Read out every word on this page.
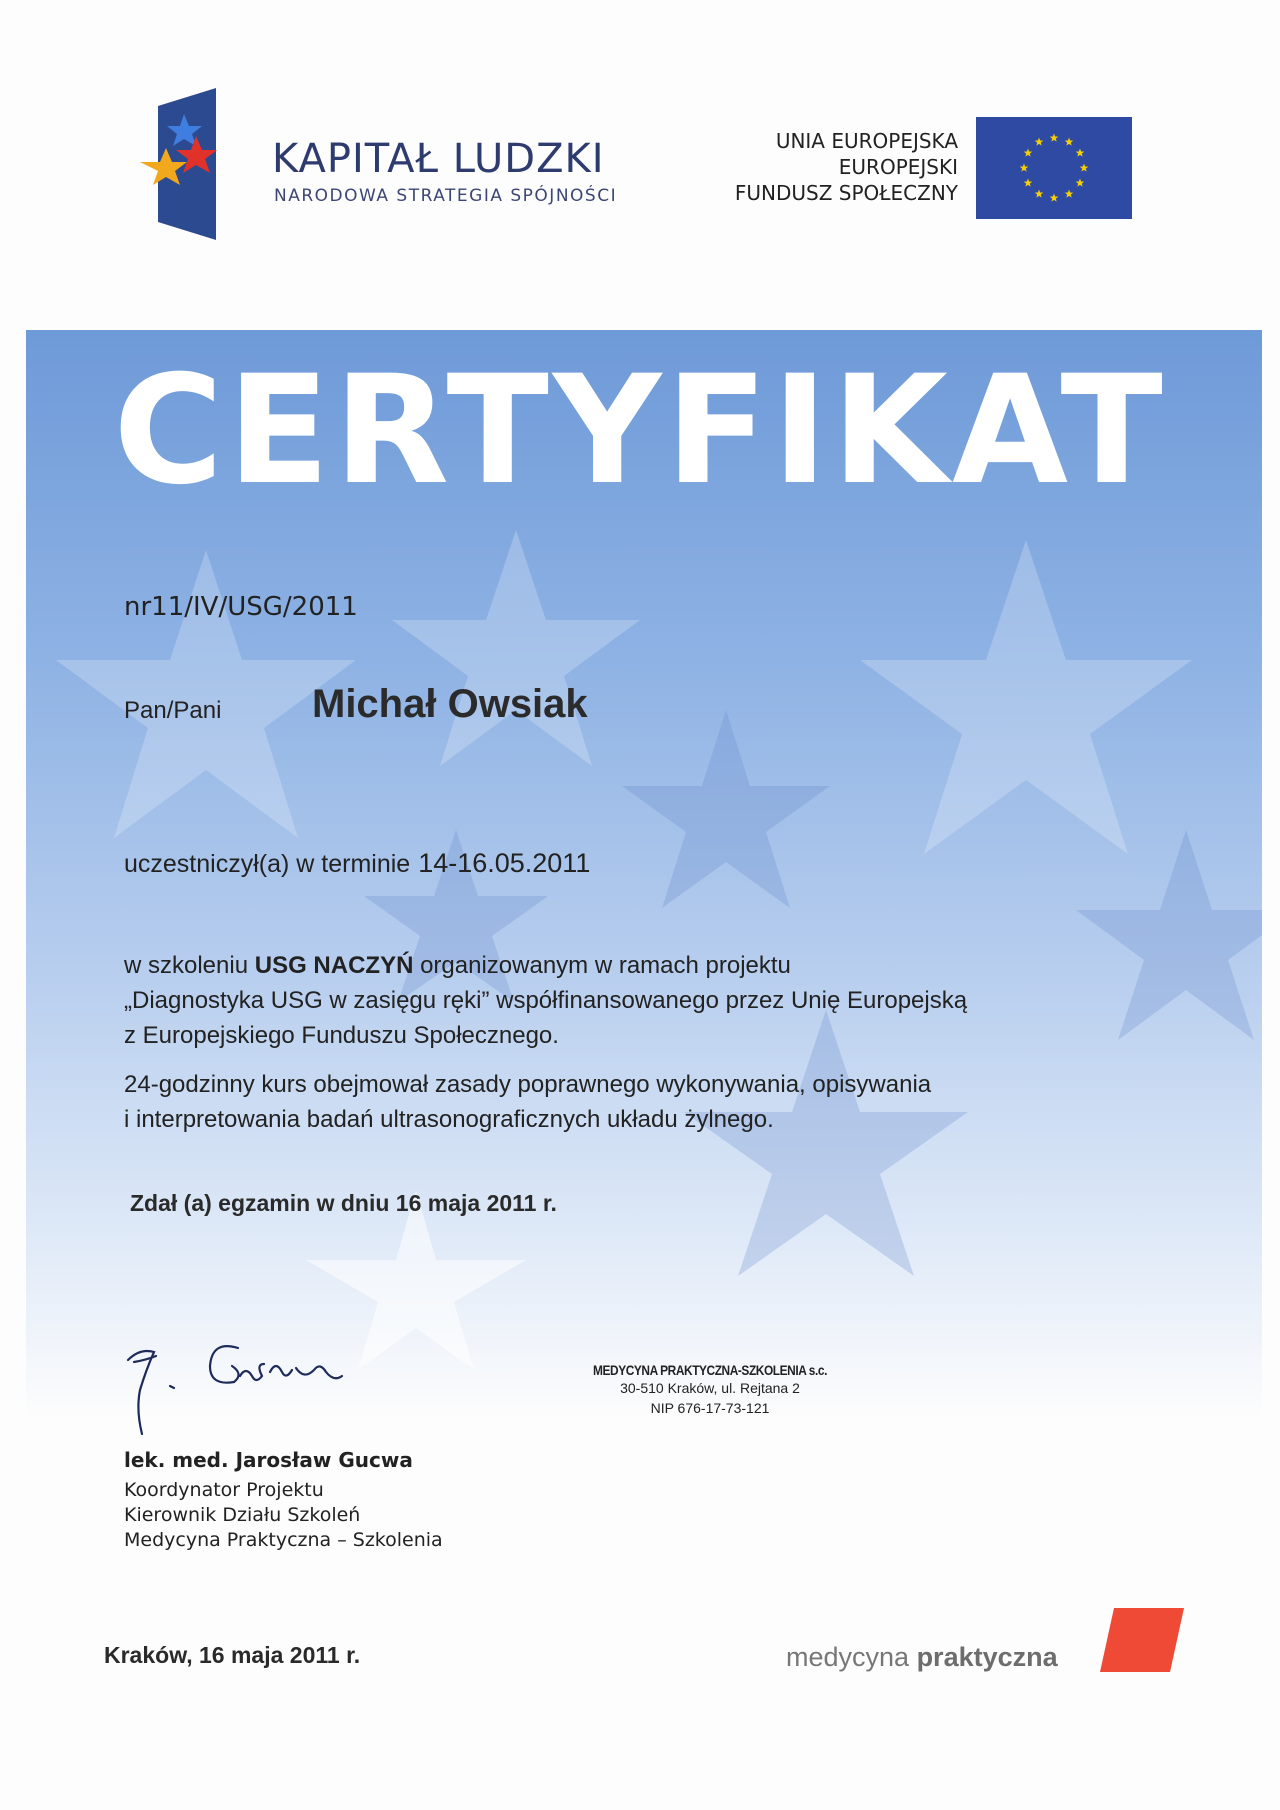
KAPITAŁ LUDZKI
NARODOWA STRATEGIA SPÓJNOŚCI
UNIA EUROPEJSKA
EUROPEJSKI
FUNDUSZ SPOŁECZNY
CERTYFIKAT
nr11/IV/USG/2011
Pan/Pani Michał Owsiak
uczestniczył(a) w terminie 14-16.05.2011

w szkoleniu USG NACZYŃ organizowanym w ramach projektu
„Diagnostyka USG w zasięgu ręki” współfinansowanego przez Unię Europejską
z Europejskiego Funduszu Społecznego.

24-godzinny kurs obejmował zasady poprawnego wykonywania, opisywania
i interpretowania badań ultrasonograficznych układu żylnego.

Zdał (a) egzamin w dniu 16 maja 2011 r.
lek. med. Jarosław Gucwa
Koordynator Projektu
Kierownik Działu Szkoleń
Medycyna Praktyczna – Szkolenia
MEDYCYNA PRAKTYCZNA-SZKOLENIA s.c.
30-510 Kraków, ul. Rejtana 2
NIP 676-17-73-121
Kraków, 16 maja 2011 r.	medycyna praktyczna
